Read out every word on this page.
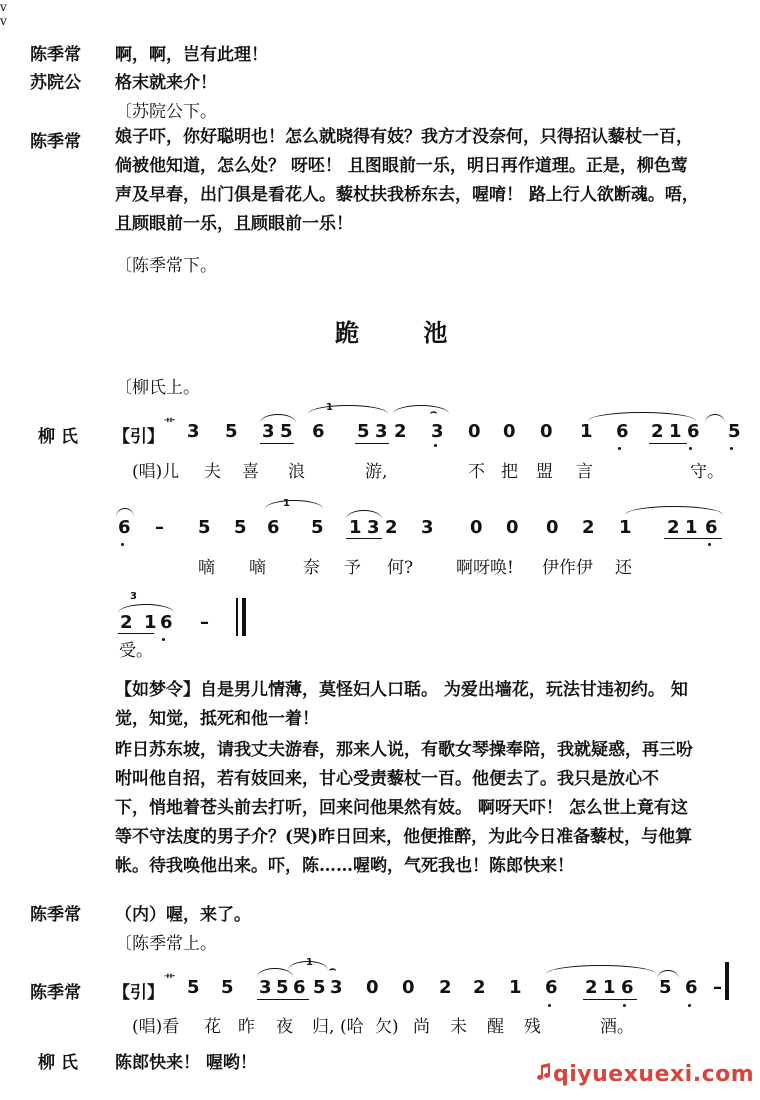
陈季常 啊，啊，岂有此理！
苏院公 格末就来介！
〔苏院公下。
陈季常 娘子吓，你好聪明也！怎么就晓得有妓？我方才没奈何，只得招认藜杖一百，
倘被他知道，怎么处？ 呀呸！ 且图眼前一乐，明日再作道理。正是，柳色莺
声及早春，出门俱是看花人。藜杖扶我桥东去，喔唷！ 路上行人欲断魂。唔，
且顾眼前一乐，且顾眼前一乐！
〔陈季常下。
跪 池
〔柳氏上。
柳 氏 【引】
艹 3 5 3 5 6 5 3 2 3 0 0 0 1 6 2 1 6 5
1	⌢
(唱)儿 夫 喜 浪	游,	不 把 盟 言	守。
6 – 5 5 6 5 1 3 2 3 0 0 0 2 1 2 1 6
1
v
v
嘀 嘀 奈 予 何?	啊呀唤! 伊作伊 还
2 1 6 –
3
受。
5 5 3 5 6 5 3 0 0 2 2 1 6 2 1 6 5 6 –
1 ⌢
(唱)看 花 昨 夜 归, (哈 欠) 尚 未 醒 残	酒。
【如梦令】自是男儿情薄，莫怪妇人口聒。 为爱出墙花，玩法甘违初约。 知
觉，知觉，抵死和他一着！
昨日苏东坡，请我丈夫游春，那来人说，有歌女琴操奉陪，我就疑惑，再三吩
咐叫他自招，若有妓回来，甘心受责藜杖一百。他便去了。我只是放心不
下，悄地着苍头前去打听，回来问他果然有妓。 啊呀天吓！ 怎么世上竟有这
等不守法度的男子介？(哭)昨日回来，他便推醉，为此今日准备藜杖，与他算
帐。待我唤他出来。吓，陈……喔哟，气死我也！陈郎快来！
陈季常 （内）喔，来了。
〔陈季常上。
陈季常 【引】
艹
柳 氏 陈郎快来！ 喔哟！	qiyuexuexi.com
